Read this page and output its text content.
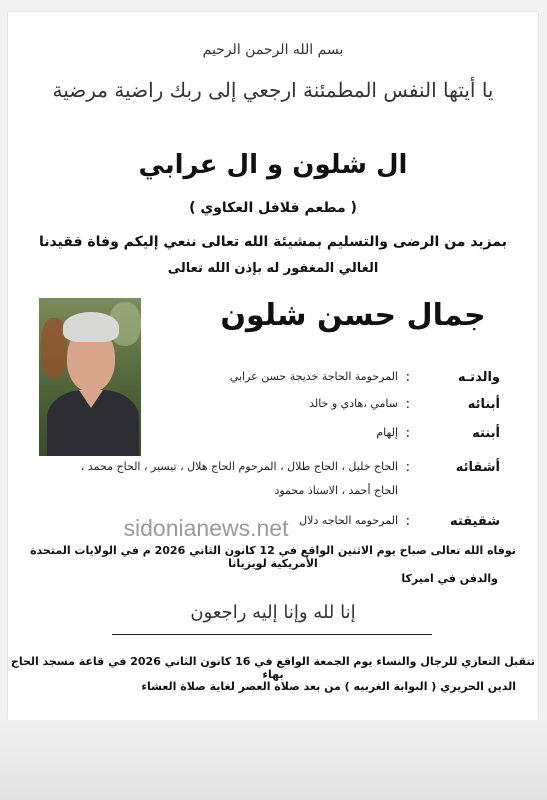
بسم الله الرحمن الرحيم
يا أيتها النفس المطمئنة ارجعي إلى ربك راضية مرضية
ال شلون و ال عرابي
( مطعم فلافل العكاوي )
بمزيد من الرضى والتسليم بمشيئة الله تعالى ننعي إليكم وفاة فقيدنا
الغالي المغفور له بإذن الله تعالى
جمال حسن شلون
والدتـه
:
المرحومة الحاجة خديجة حسن عرابي
أبنائه
:
سامي ،هادي و خالد
أبنته
:
إلهام
أشقائه
:
الحاج خليل ، الحاج طلال ، المرحوم الحاج هلال ، تيسير ، الحاج محمد ،
الحاج أحمد ، الاستاذ محمود
شقيقته
:
المرحومه الحاجه دلال
sidonianews.net
توفاه الله تعالى صباح يوم الاثنين الواقع في 12 كانون الثاني 2026 م في الولايات المتحدة الأمريكية لويزيانا
والدفن في اميركا
إنا لله وإنا إليه راجعون
تتقبل التعازي للرجال والنساء يوم الجمعة الواقع في 16 كانون الثاني 2026 في قاعة مسجد الحاج بهاء
الدين الحريري ( البوابة الغربيه ) من بعد صلاة العصر لغاية صلاة العشاء
